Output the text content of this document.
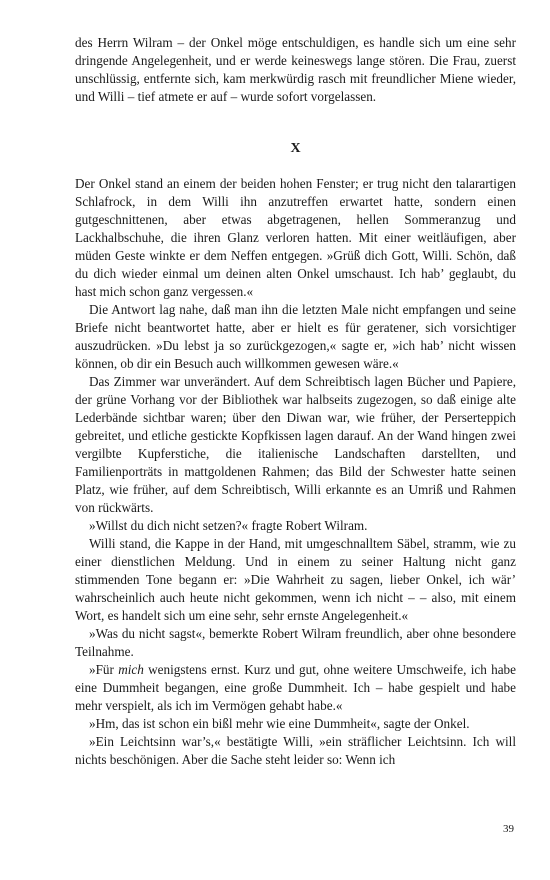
des Herrn Wilram – der Onkel möge entschuldigen, es handle sich um eine sehr dringende Angelegenheit, und er werde keineswegs lange stören. Die Frau, zuerst unschlüssig, entfernte sich, kam merkwürdig rasch mit freundlicher Miene wieder, und Willi – tief atmete er auf – wurde sofort vorgelassen.

X

Der Onkel stand an einem der beiden hohen Fenster; er trug nicht den talarartigen Schlafrock, in dem Willi ihn anzutreffen erwartet hatte, sondern einen gutgeschnittenen, aber etwas abgetragenen, hellen Sommeranzug und Lackhalbschuhe, die ihren Glanz verloren hatten. Mit einer weitläufigen, aber müden Geste winkte er dem Neffen entgegen. »Grüß dich Gott, Willi. Schön, daß du dich wieder einmal um deinen alten Onkel umschaust. Ich hab’ geglaubt, du hast mich schon ganz vergessen.«

Die Antwort lag nahe, daß man ihn die letzten Male nicht empfangen und seine Briefe nicht beantwortet hatte, aber er hielt es für geratener, sich vorsichtiger auszudrücken. »Du lebst ja so zurückgezogen,« sagte er, »ich hab’ nicht wissen können, ob dir ein Besuch auch willkommen gewesen wäre.«

Das Zimmer war unverändert. Auf dem Schreibtisch lagen Bücher und Papiere, der grüne Vorhang vor der Bibliothek war halbseits zugezogen, so daß einige alte Lederbände sichtbar waren; über den Diwan war, wie früher, der Perserteppich gebreitet, und etliche gestickte Kopfkissen lagen darauf. An der Wand hingen zwei vergilbte Kupferstiche, die italienische Landschaften darstellten, und Familienporträts in mattgoldenen Rahmen; das Bild der Schwester hatte seinen Platz, wie früher, auf dem Schreibtisch, Willi erkannte es an Umriß und Rahmen von rückwärts.

»Willst du dich nicht setzen?« fragte Robert Wilram.

Willi stand, die Kappe in der Hand, mit umgeschnalltem Säbel, stramm, wie zu einer dienstlichen Meldung. Und in einem zu seiner Haltung nicht ganz stimmenden Tone begann er: »Die Wahrheit zu sagen, lieber Onkel, ich wär’ wahrscheinlich auch heute nicht gekommen, wenn ich nicht – – also, mit einem Wort, es handelt sich um eine sehr, sehr ernste Angelegenheit.«

»Was du nicht sagst«, bemerkte Robert Wilram freundlich, aber ohne besondere Teilnahme.

»Für mich wenigstens ernst. Kurz und gut, ohne weitere Umschweife, ich habe eine Dummheit begangen, eine große Dummheit. Ich – habe gespielt und habe mehr verspielt, als ich im Vermögen gehabt habe.«

»Hm, das ist schon ein bißl mehr wie eine Dummheit«, sagte der Onkel.

»Ein Leichtsinn war’s,« bestätigte Willi, »ein sträflicher Leichtsinn. Ich will nichts beschönigen. Aber die Sache steht leider so: Wenn ich

39
